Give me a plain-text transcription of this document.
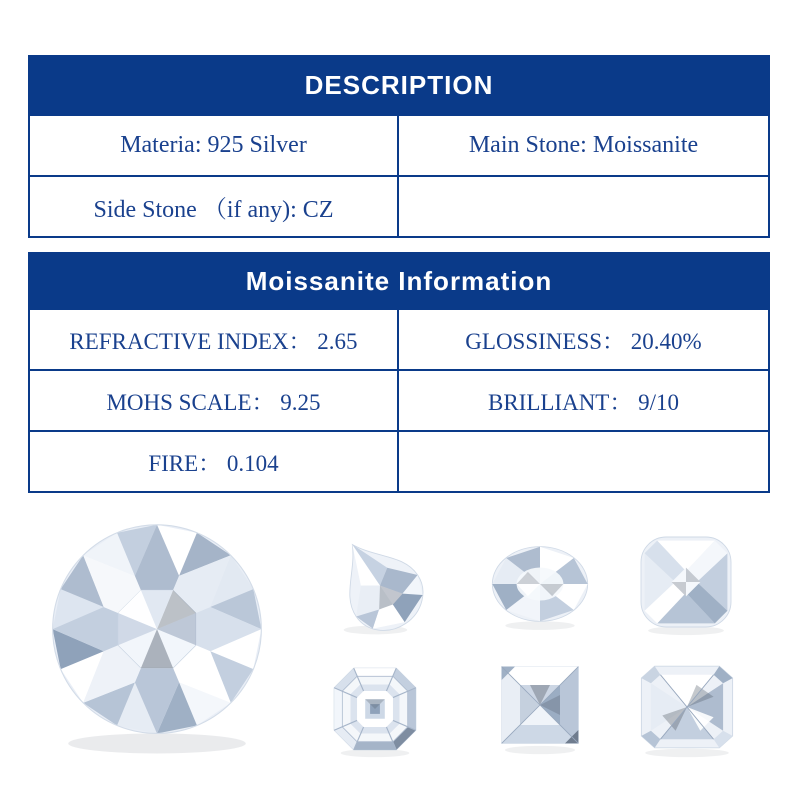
DESCRIPTION
Materia: 925 Silver	Main Stone: Moissanite
Side Stone （if any): CZ
Moissanite Information
REFRACTIVE INDEX： 2.65	GLOSSINESS： 20.40%
MOHS SCALE： 9.25	BRILLIANT： 9/10
FIRE： 0.104
